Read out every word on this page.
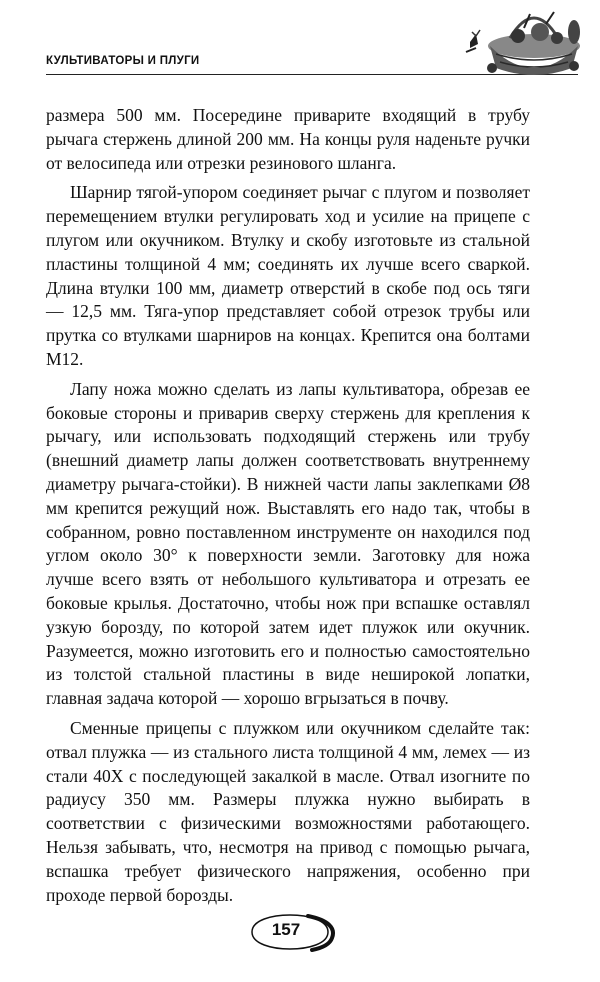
КУЛЬТИВАТОРЫ И ПЛУГИ

размера 500 мм. Посередине приварите входящий в трубу рычага стержень длиной 200 мм. На концы руля наденьте ручки от велосипеда или отрезки резинового шланга.

Шарнир тягой-упором соединяет рычаг с плугом и позволяет перемещением втулки регулировать ход и усилие на прицепе с плугом или окучником. Втулку и скобу изготовьте из стальной пластины толщиной 4 мм; соединять их лучше всего сваркой. Длина втулки 100 мм, диаметр отверстий в скобе под ось тяги — 12,5 мм. Тяга-упор представляет собой отрезок трубы или прутка со втулками шарниров на концах. Крепится она болтами М12.

Лапу ножа можно сделать из лапы культиватора, обрезав ее боковые стороны и приварив сверху стержень для крепления к рычагу, или использовать подходящий стержень или трубу (внешний диаметр лапы должен соответствовать внутреннему диаметру рычага-стойки). В нижней части лапы заклепками Ø8 мм крепится режущий нож. Выставлять его надо так, чтобы в собранном, ровно поставленном инструменте он находился под углом около 30° к поверхности земли. Заготовку для ножа лучше всего взять от небольшого культиватора и отрезать ее боковые крылья. Достаточно, чтобы нож при вспашке оставлял узкую борозду, по которой затем идет плужок или окучник. Разумеется, можно изготовить его и полностью самостоятельно из толстой стальной пластины в виде неширокой лопатки, главная задача которой — хорошо вгрызаться в почву.

Сменные прицепы с плужком или окучником сделайте так: отвал плужка — из стального листа толщиной 4 мм, лемех — из стали 40Х с последующей закалкой в масле. Отвал изогните по радиусу 350 мм. Размеры плужка нужно выбирать в соответствии с физическими возможностями работающего. Нельзя забывать, что, несмотря на привод с помощью рычага, вспашка требует физического напряжения, особенно при проходе первой борозды.

157
